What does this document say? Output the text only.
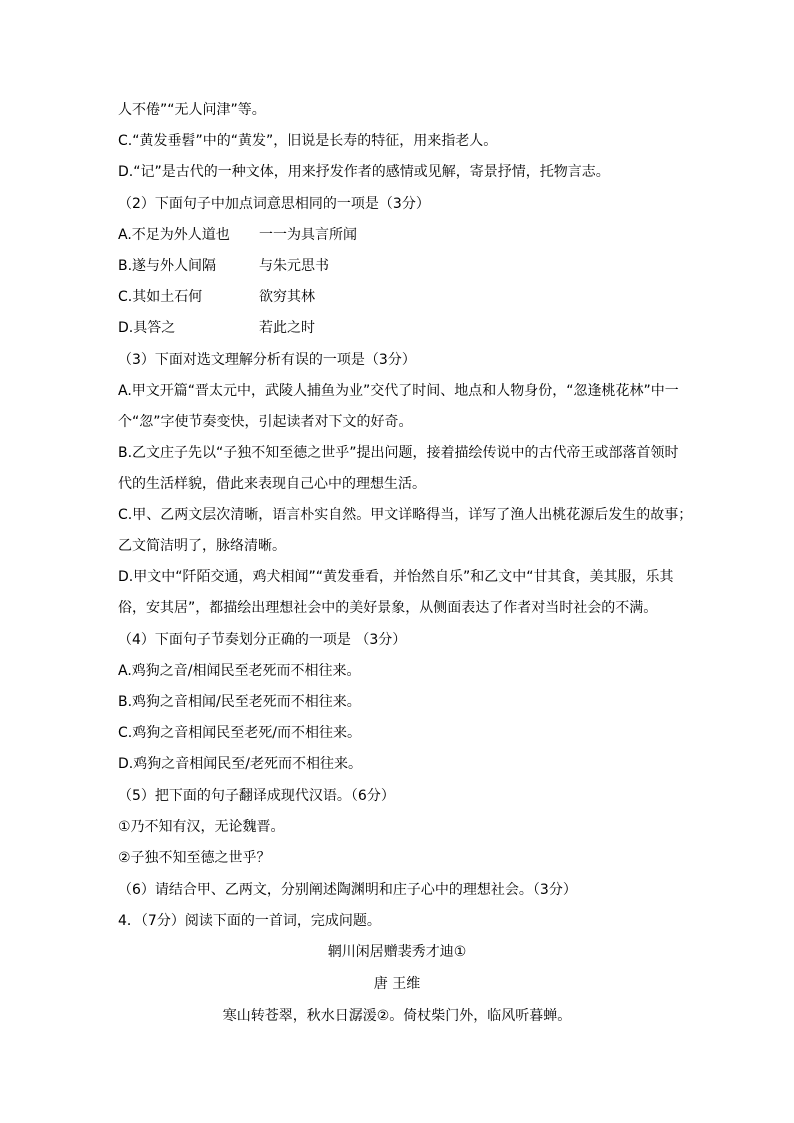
人不倦”“无人问津”等。
C.“黄发垂髫”中的“黄发”，旧说是长寿的特征，用来指老人。
D.“记”是古代的一种文体，用来抒发作者的感情或见解，寄景抒情，托物言志。
（2）下面句子中加点词意思相同的一项是（3分）
A.不足为外人道也 一一为具言所闻
B.遂与外人间隔	与朱元思书
C.其如土石何	欲穷其林
D.具答之	若此之时
（3）下面对选文理解分析有误的一项是（3分）
A.甲文开篇“晋太元中，武陵人捕鱼为业”交代了时间、地点和人物身份，“忽逢桃花林”中一
个“忽”字使节奏变快，引起读者对下文的好奇。
B.乙文庄子先以“子独不知至德之世乎”提出问题，接着描绘传说中的古代帝王或部落首领时
代的生活样貌，借此来表现自己心中的理想生活。
C.甲、乙两文层次清晰，语言朴实自然。甲文详略得当，详写了渔人出桃花源后发生的故事；
乙文简洁明了，脉络清晰。
D.甲文中“阡陌交通，鸡犬相闻”“黄发垂看，并怡然自乐”和乙文中“甘其食，美其服，乐其
俗，安其居”，都描绘出理想社会中的美好景象，从侧面表达了作者对当时社会的不满。
（4）下面句子节奏划分正确的一项是 （3分）
A.鸡狗之音/相闻民至老死而不相往来。
B.鸡狗之音相闻/民至老死而不相往来。
C.鸡狗之音相闻民至老死/而不相往来。
D.鸡狗之音相闻民至/老死而不相往来。
（5）把下面的句子翻译成现代汉语。（6分）
①乃不知有汉，无论魏晋。
②子独不知至德之世乎？
（6）请结合甲、乙两文，分别阐述陶渊明和庄子心中的理想社会。（3分）
4．（7分）阅读下面的一首词，完成问题。
辋川闲居赠裴秀才迪①
唐 王维
寒山转苍翠，秋水日潺湲②。倚杖柴门外，临风听暮蝉。
